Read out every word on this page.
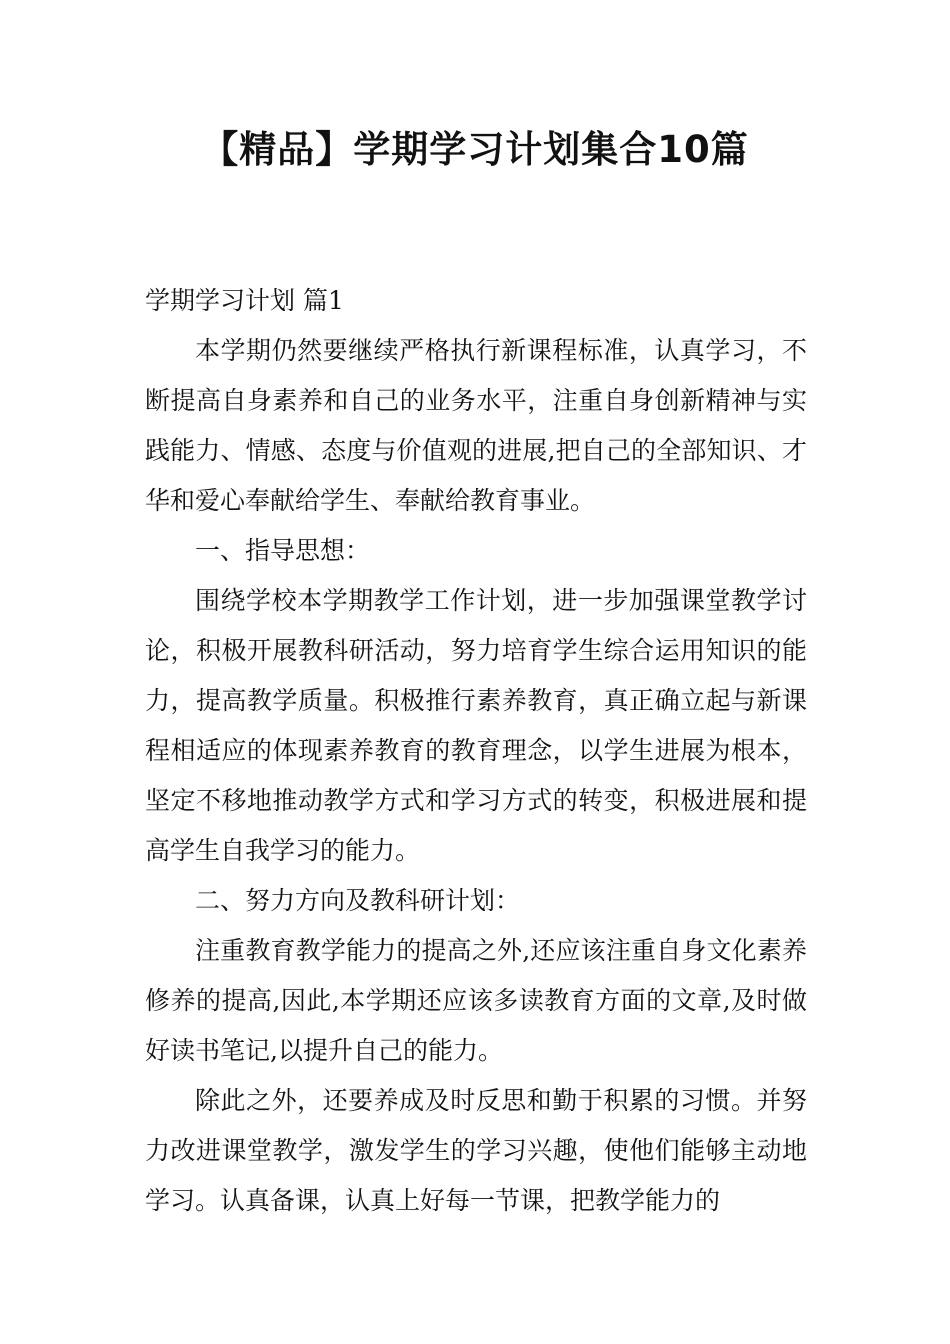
【精品】学期学习计划集合10篇

学期学习计划 篇1

本学期仍然要继续严格执行新课程标准，认真学习，不断提高自身素养和自己的业务水平，注重自身创新精神与实践能力、情感、态度与价值观的进展,把自己的全部知识、才华和爱心奉献给学生、奉献给教育事业。

一、指导思想：

围绕学校本学期教学工作计划，进一步加强课堂教学讨论，积极开展教科研活动，努力培育学生综合运用知识的能力，提高教学质量。积极推行素养教育，真正确立起与新课程相适应的体现素养教育的教育理念，以学生进展为根本，坚定不移地推动教学方式和学习方式的转变，积极进展和提高学生自我学习的能力。

二、努力方向及教科研计划：

注重教育教学能力的提高之外,还应该注重自身文化素养修养的提高,因此,本学期还应该多读教育方面的文章,及时做好读书笔记,以提升自己的能力。

除此之外，还要养成及时反思和勤于积累的习惯。并努力改进课堂教学，激发学生的学习兴趣，使他们能够主动地学习。认真备课，认真上好每一节课，把教学能力的
